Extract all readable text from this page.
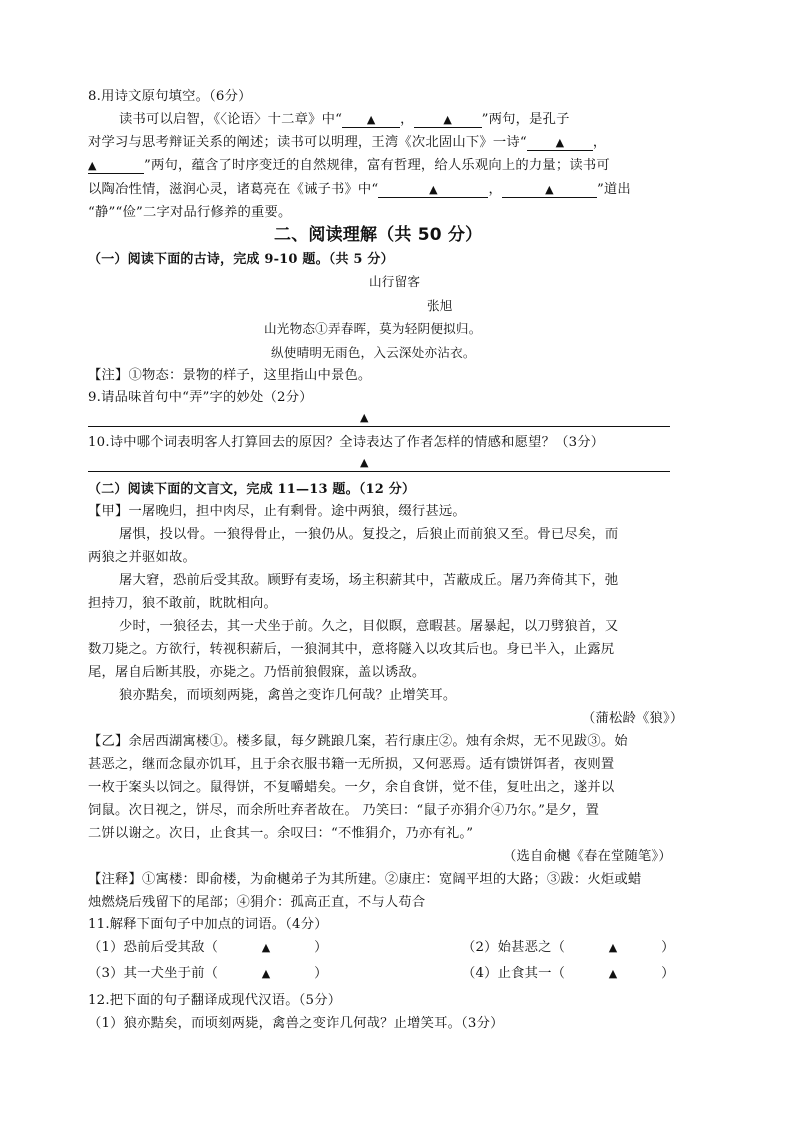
8.用诗文原句填空。（6分）
读书可以启智，《〈论语〉十二章》中“ ▲ ，	▲ ”两句，是孔子
对学习与思考辩证关系的阐述；读书可以明理，王湾《次北固山下》一诗“	▲ ，
▲	”两句，蕴含了时序变迁的自然规律，富有哲理，给人乐观向上的力量；读书可
以陶冶性情，滋润心灵，诸葛亮在《诫子书》中“	▲	，	▲	”道出
“静”“俭”二字对品行修养的重要。
二、阅读理解（共 50 分）
（一）阅读下面的古诗，完成 9-10 题。（共 5 分）
山行留客
张旭
山光物态①弄春晖，莫为轻阴便拟归。
纵使晴明无雨色，入云深处亦沾衣。
【注】①物态：景物的样子，这里指山中景色。
9.请品味首句中“弄”字的妙处（2分）
▲
10.诗中哪个词表明客人打算回去的原因？全诗表达了作者怎样的情感和愿望？（3分）
▲
（二）阅读下面的文言文，完成 11—13 题。（12 分）
【甲】一屠晚归，担中肉尽，止有剩骨。途中两狼，缀行甚远。
屠惧，投以骨。一狼得骨止，一狼仍从。复投之，后狼止而前狼又至。骨已尽矣，而
两狼之并驱如故。
屠大窘，恐前后受其敌。顾野有麦场，场主积薪其中，苫蔽成丘。屠乃奔倚其下，弛
担持刀，狼不敢前，眈眈相向。
少时，一狼径去，其一犬坐于前。久之，目似瞑，意暇甚。屠暴起，以刀劈狼首，又
数刀毙之。方欲行，转视积薪后，一狼洞其中，意将隧入以攻其后也。身已半入，止露尻
尾，屠自后断其股，亦毙之。乃悟前狼假寐，盖以诱敌。
狼亦黠矣，而顷刻两毙，禽兽之变诈几何哉？止增笑耳。
（蒲松龄《狼》）
【乙】余居西湖寓楼①。楼多鼠，每夕跳踉几案，若行康庄②。烛有余烬，无不见跋③。始
甚恶之，继而念鼠亦饥耳，且于余衣服书籍一无所损，又何恶焉。适有馈饼饵者，夜则置
一枚于案头以饲之。鼠得饼，不复嚼蜡矣。一夕，余自食饼，觉不佳，复吐出之，遂并以
饲鼠。次日视之，饼尽，而余所吐弃者故在。 乃笑曰：“鼠子亦狷介④乃尔。”是夕，置
二饼以谢之。次日，止食其一。余叹曰：“不惟狷介，乃亦有礼。”
（选自俞樾《春在堂随笔》）
【注释】①寓楼：即俞楼，为俞樾弟子为其所建。②康庄：宽阔平坦的大路；③跋：火炬或蜡
烛燃烧后残留下的尾部；④狷介：孤高正直，不与人苟合
11.解释下面句子中加点的词语。（4分）
（1）恐前后受其敌（	▲	）	（2）始甚恶之（	▲	）
（3）其一犬坐于前（	▲	）	（4）止食其一（	▲	）
12.把下面的句子翻译成现代汉语。（5分）
（1）狼亦黠矣，而顷刻两毙，禽兽之变诈几何哉？止增笑耳。（3分）
